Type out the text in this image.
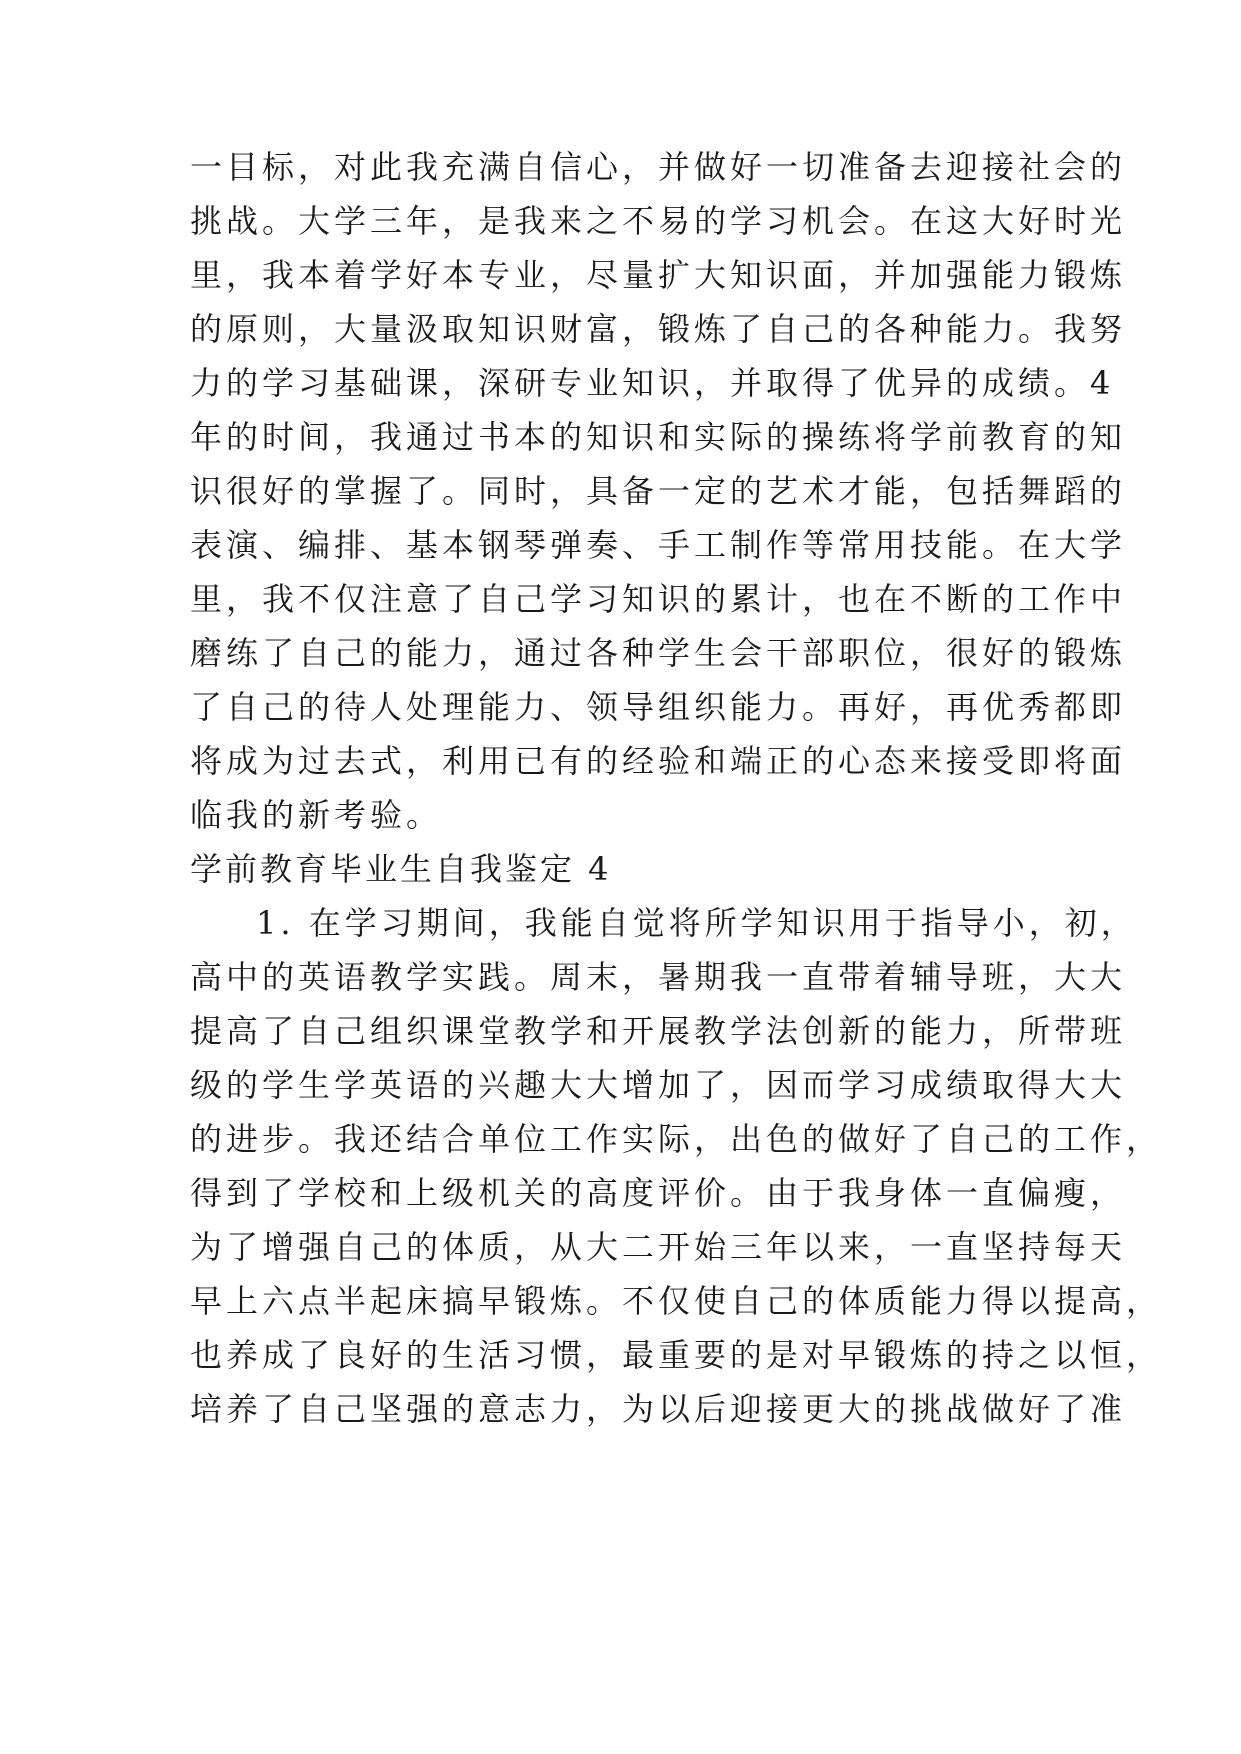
一目标，对此我充满自信心，并做好一切准备去迎接社会的
挑战。大学三年，是我来之不易的学习机会。在这大好时光
里，我本着学好本专业，尽量扩大知识面，并加强能力锻炼
的原则，大量汲取知识财富，锻炼了自己的各种能力。我努
力的学习基础课，深研专业知识，并取得了优异的成绩。4
年的时间，我通过书本的知识和实际的操练将学前教育的知
识很好的掌握了。同时，具备一定的艺术才能，包括舞蹈的
表演、编排、基本钢琴弹奏、手工制作等常用技能。在大学
里，我不仅注意了自己学习知识的累计，也在不断的工作中
磨练了自己的能力，通过各种学生会干部职位，很好的锻炼
了自己的待人处理能力、领导组织能力。再好，再优秀都即
将成为过去式，利用已有的经验和端正的心态来接受即将面
临我的新考验。
学前教育毕业生自我鉴定 4
1. 在学习期间，我能自觉将所学知识用于指导小，初，
高中的英语教学实践。周末，暑期我一直带着辅导班，大大
提高了自己组织课堂教学和开展教学法创新的能力，所带班
级的学生学英语的兴趣大大增加了，因而学习成绩取得大大
的进步。我还结合单位工作实际，出色的做好了自己的工作，
得到了学校和上级机关的高度评价。由于我身体一直偏瘦，
为了增强自己的体质，从大二开始三年以来，一直坚持每天
早上六点半起床搞早锻炼。不仅使自己的体质能力得以提高，
也养成了良好的生活习惯，最重要的是对早锻炼的持之以恒，
培养了自己坚强的意志力，为以后迎接更大的挑战做好了准
